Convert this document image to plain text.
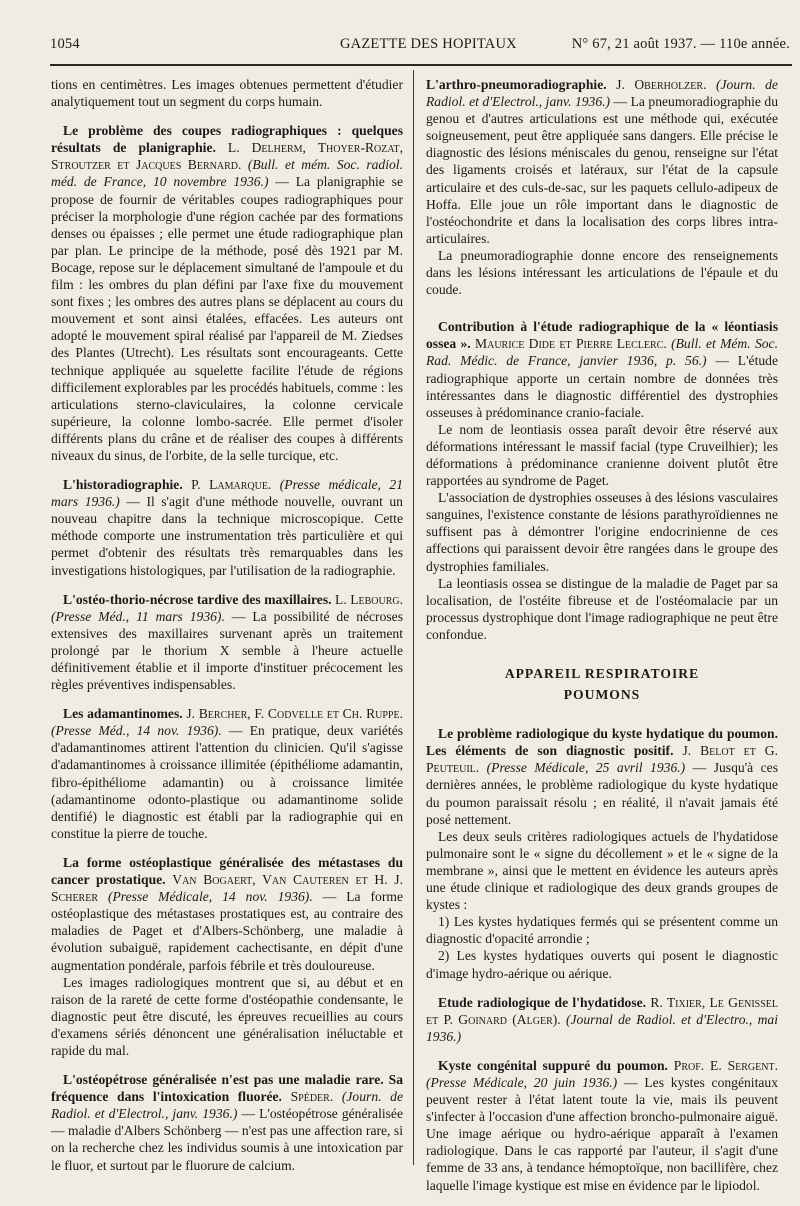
1054	GAZETTE DES HOPITAUX	N° 67, 21 août 1937. — 110e année.

tions en centimètres. Les images obtenues permettent d'étudier analytiquement tout un segment du corps humain.

Le problème des coupes radiographiques : quelques résultats de planigraphie. L. Delherm, Thoyer-Rozat, Stroutzer et Jacques Bernard. (Bull. et mém. Soc. radiol. méd. de France, 10 novembre 1936.) — La planigraphie se propose de fournir de véritables coupes radiographiques pour préciser la morphologie d'une région cachée par des formations denses ou épaisses ; elle permet une étude radiographique plan par plan. Le principe de la méthode, posé dès 1921 par M. Bocage, repose sur le déplacement simultané de l'ampoule et du film : les ombres du plan défini par l'axe fixe du mouvement sont fixes ; les ombres des autres plans se déplacent au cours du mouvement et sont ainsi étalées, effacées. Les auteurs ont adopté le mouvement spiral réalisé par l'appareil de M. Ziedses des Plantes (Utrecht). Les résultats sont encourageants. Cette technique appliquée au squelette facilite l'étude de régions difficilement explorables par les procédés habituels, comme : les articulations sterno-claviculaires, la colonne cervicale supérieure, la colonne lombo-sacrée. Elle permet d'isoler différents plans du crâne et de réaliser des coupes à différents niveaux du sinus, de l'orbite, de la selle turcique, etc.

L'historadiographie. P. Lamarque. (Presse médicale, 21 mars 1936.) — Il s'agit d'une méthode nouvelle, ouvrant un nouveau chapitre dans la technique microscopique. Cette méthode comporte une instrumentation très particulière et qui permet d'obtenir des résultats très remarquables dans les investigations histologiques, par l'utilisation de la radiographie.

L'ostéo-thorio-nécrose tardive des maxillaires. L. Lebourg. (Presse Méd., 11 mars 1936). — La possibilité de nécroses extensives des maxillaires survenant après un traitement prolongé par le thorium X semble à l'heure actuelle définitivement établie et il importe d'instituer précocement les règles préventives indispensables.

Les adamantinomes. J. Bercher, F. Codvelle et Ch. Ruppe. (Presse Méd., 14 nov. 1936). — En pratique, deux variétés d'adamantinomes attirent l'attention du clinicien. Qu'il s'agisse d'adamantinomes à croissance illimitée (épithéliome adamantin, fibro-épithéliome adamantin) ou à croissance limitée (adamantinome odonto-plastique ou adamantinome solide dentifié) le diagnostic est établi par la radiographie qui en constitue la pierre de touche.

La forme ostéoplastique généralisée des métastases du cancer prostatique. Van Bogaert, Van Cauteren et H. J. Scherer (Presse Médicale, 14 nov. 1936). — La forme ostéoplastique des métastases prostatiques est, au contraire des maladies de Paget et d'Albers-Schönberg, une maladie à évolution subaiguë, rapidement cachectisante, en dépit d'une augmentation pondérale, parfois fébrile et très douloureuse.

Les images radiologiques montrent que si, au début et en raison de la rareté de cette forme d'ostéopathie condensante, le diagnostic peut être discuté, les épreuves recueillies au cours d'examens sériés dénoncent une généralisation inéluctable et rapide du mal.

L'ostéopétrose généralisée n'est pas une maladie rare. Sa fréquence dans l'intoxication fluorée. Spéder. (Journ. de Radiol. et d'Electrol., janv. 1936.) — L'ostéopétrose généralisée — maladie d'Albers Schönberg — n'est pas une affection rare, si on la recherche chez les individus soumis à une intoxication par le fluor, et surtout par le fluorure de calcium.

L'arthro-pneumoradiographie. J. Oberholzer. (Journ. de Radiol. et d'Electrol., janv. 1936.) — La pneumoradiographie du genou et d'autres articulations est une méthode qui, exécutée soigneusement, peut être appliquée sans dangers. Elle précise le diagnostic des lésions méniscales du genou, renseigne sur l'état des ligaments croisés et latéraux, sur l'état de la capsule articulaire et des culs-de-sac, sur les paquets cellulo-adipeux de Hoffa. Elle joue un rôle important dans le diagnostic de l'ostéochondrite et dans la localisation des corps libres intra-articulaires.

La pneumoradiographie donne encore des renseignements dans les lésions intéressant les articulations de l'épaule et du coude.

Contribution à l'étude radiographique de la « léontiasis ossea ». Maurice Dide et Pierre Leclerc. (Bull. et Mém. Soc. Rad. Médic. de France, janvier 1936, p. 56.) — L'étude radiographique apporte un certain nombre de données très intéressantes dans le diagnostic différentiel des dystrophies osseuses à prédominance cranio-faciale.

Le nom de leontiasis ossea paraît devoir être réservé aux déformations intéressant le massif facial (type Cruveilhier); les déformations à prédominance cranienne doivent plutôt être rapportées au syndrome de Paget.

L'association de dystrophies osseuses à des lésions vasculaires sanguines, l'existence constante de lésions parathyroïdiennes ne suffisent pas à démontrer l'origine endocrinienne de ces affections qui paraissent devoir être rangées dans le groupe des dystrophies familiales.

La leontiasis ossea se distingue de la maladie de Paget par sa localisation, de l'ostéite fibreuse et de l'ostéomalacie par un processus dystrophique dont l'image radiographique ne peut être confondue.

APPAREIL RESPIRATOIRE
POUMONS

Le problème radiologique du kyste hydatique du poumon. Les éléments de son diagnostic positif. J. Belot et G. Peuteuil. (Presse Médicale, 25 avril 1936.) — Jusqu'à ces dernières années, le problème radiologique du kyste hydatique du poumon paraissait résolu ; en réalité, il n'avait jamais été posé nettement.

Les deux seuls critères radiologiques actuels de l'hydatidose pulmonaire sont le « signe du décollement » et le « signe de la membrane », ainsi que le mettent en évidence les auteurs après une étude clinique et radiologique des deux grands groupes de kystes :

1) Les kystes hydatiques fermés qui se présentent comme un diagnostic d'opacité arrondie ;

2) Les kystes hydatiques ouverts qui posent le diagnostic d'image hydro-aérique ou aérique.

Etude radiologique de l'hydatidose. R. Tixier, Le Genissel et P. Goinard (Alger). (Journal de Radiol. et d'Electro., mai 1936.)

Kyste congénital suppuré du poumon. Prof. E. Sergent. (Presse Médicale, 20 juin 1936.) — Les kystes congénitaux peuvent rester à l'état latent toute la vie, mais ils peuvent s'infecter à l'occasion d'une affection broncho-pulmonaire aiguë. Une image aérique ou hydro-aérique apparaît à l'examen radiologique. Dans le cas rapporté par l'auteur, il s'agit d'une femme de 33 ans, à tendance hémoptoïque, non bacillifère, chez laquelle l'image kystique est mise en évidence par le lipiodol.
